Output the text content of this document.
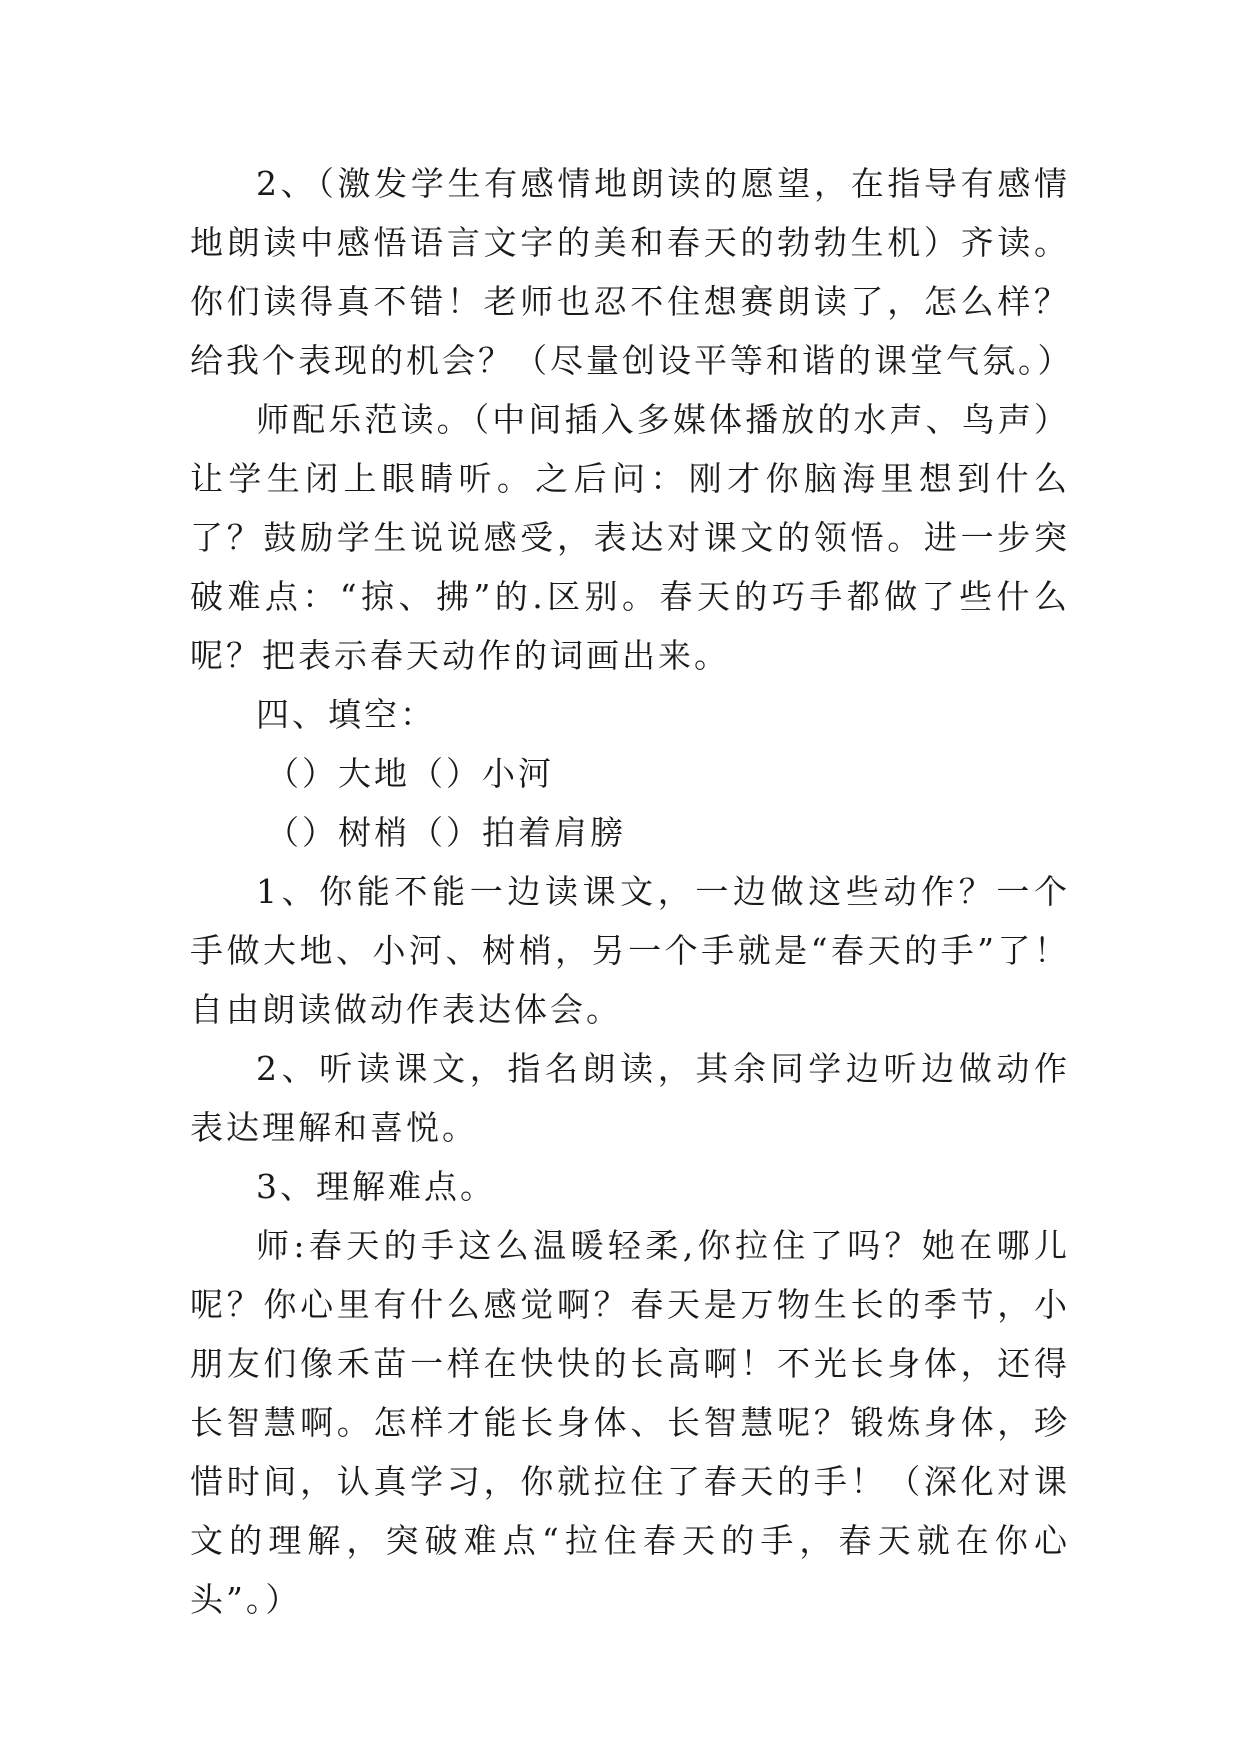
2、（激发学生有感情地朗读的愿望，在指导有感情地朗读中感悟语言文字的美和春天的勃勃生机）齐读。你们读得真不错！老师也忍不住想赛朗读了，怎么样？给我个表现的机会？（尽量创设平等和谐的课堂气氛。）

师配乐范读。（中间插入多媒体播放的水声、鸟声）让学生闭上眼睛听。之后问：刚才你脑海里想到什么了？鼓励学生说说感受，表达对课文的领悟。进一步突破难点：“掠、拂”的.区别。春天的巧手都做了些什么呢？把表示春天动作的词画出来。

四、填空：

（）大地（）小河

（）树梢（）拍着肩膀

1、你能不能一边读课文，一边做这些动作？一个手做大地、小河、树梢，另一个手就是“春天的手”了！自由朗读做动作表达体会。

2、听读课文，指名朗读，其余同学边听边做动作表达理解和喜悦。

3、理解难点。

师:春天的手这么温暖轻柔,你拉住了吗？她在哪儿呢？你心里有什么感觉啊？春天是万物生长的季节，小朋友们像禾苗一样在快快的长高啊！不光长身体，还得长智慧啊。怎样才能长身体、长智慧呢？锻炼身体，珍惜时间，认真学习，你就拉住了春天的手！（深化对课文的理解，突破难点“拉住春天的手，春天就在你心头”。）
